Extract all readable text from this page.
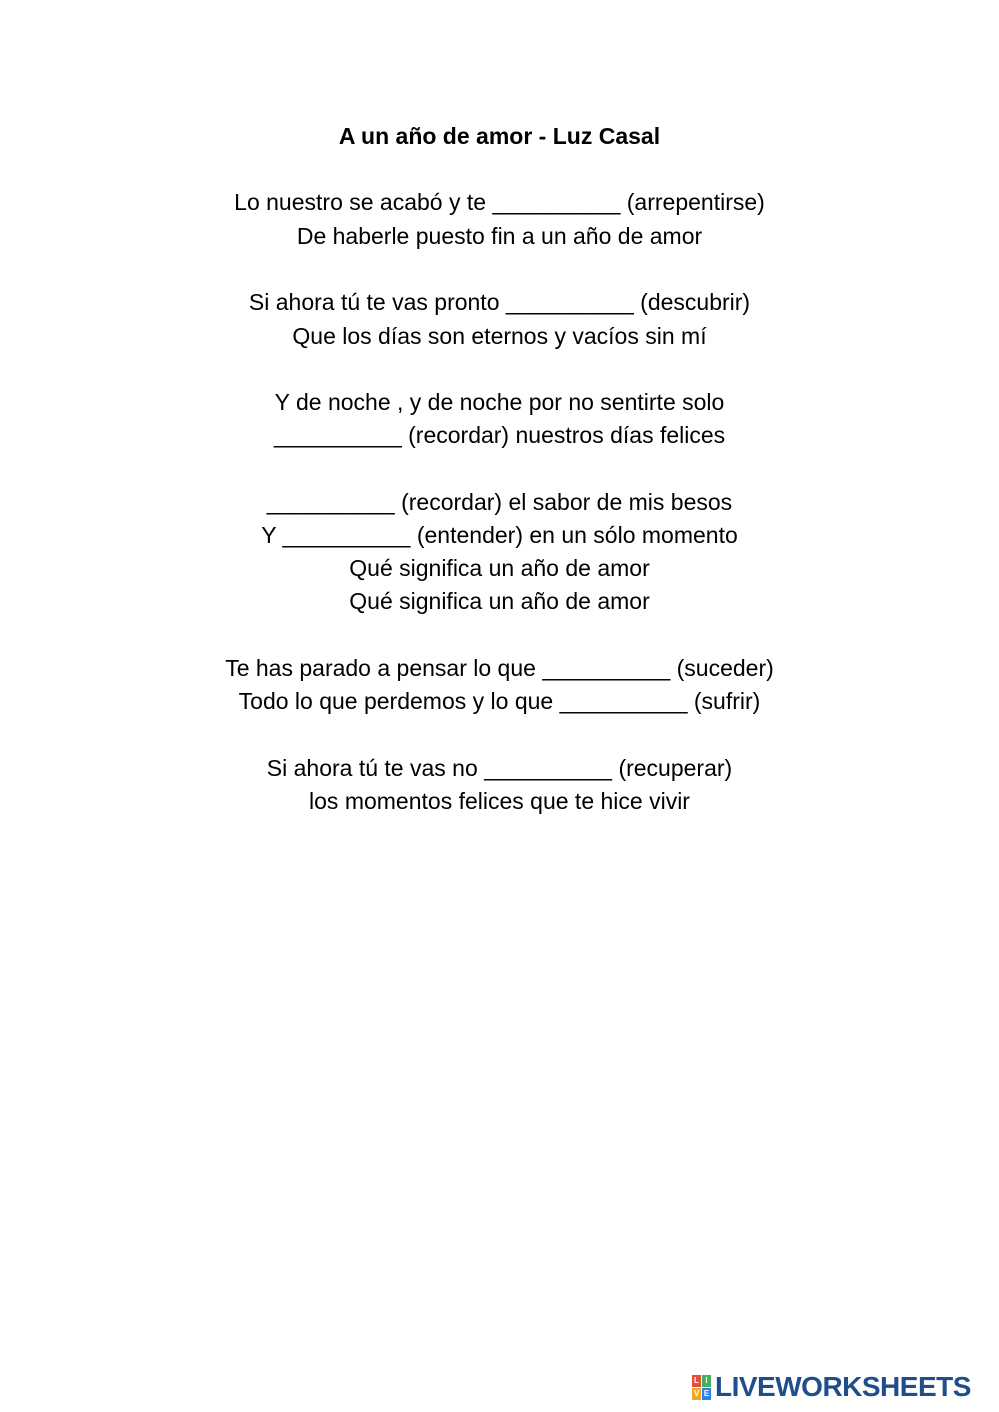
A un año de amor - Luz Casal
Lo nuestro se acabó y te __________ (arrepentirse)
De haberle puesto fin a un año de amor
Si ahora tú te vas pronto __________ (descubrir)
Que los días son eternos y vacíos sin mí
Y de noche , y de noche por no sentirte solo
__________ (recordar) nuestros días felices
__________ (recordar) el sabor de mis besos
Y __________ (entender) en un sólo momento
Qué significa un año de amor
Qué significa un año de amor
Te has parado a pensar lo que __________ (suceder)
Todo lo que perdemos y lo que __________ (sufrir)
Si ahora tú te vas no __________ (recuperar)
los momentos felices que te hice vivir
L I
V E LIVEWORKSHEETS
